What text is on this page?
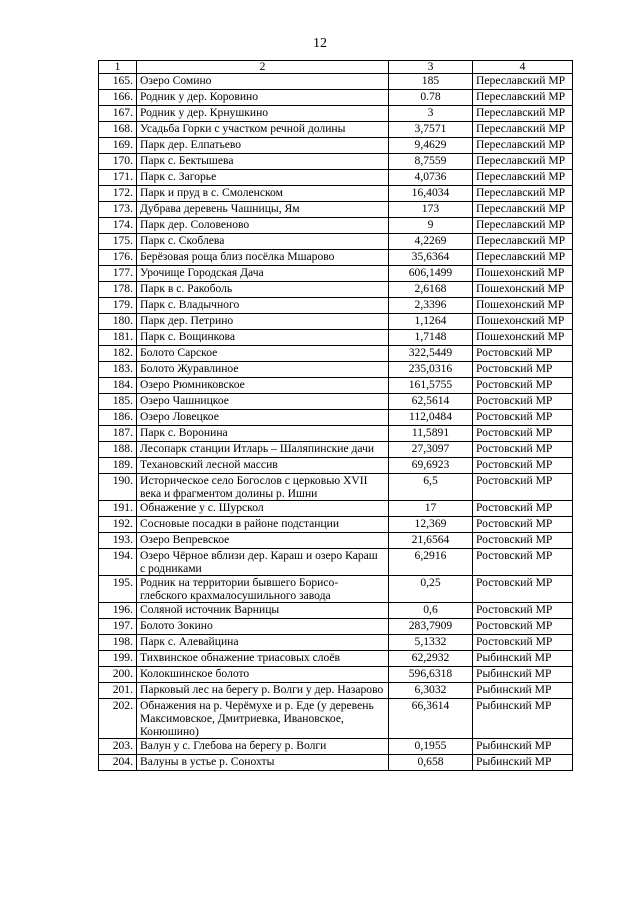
12
1	2	3	4
165.	Озеро Сомино	185	Переславский МР
166.	Родник у дер. Коровино	0.78	Переславский МР
167.	Родник у дер. Крнушкино	3	Переславский МР
168.	Усадьба Горки с участком речной долины	3,7571	Переславский МР
169.	Парк дер. Елпатьево	9,4629	Переславский МР
170.	Парк с. Бектышева	8,7559	Переславский МР
171.	Парк с. Загорье	4,0736	Переславский МР
172.	Парк и пруд в с. Смоленском	16,4034	Переславский МР
173.	Дубрава деревень Чашницы, Ям	173	Переславский МР
174.	Парк дер. Соловеново	9	Переславский МР
175.	Парк с. Скоблева	4,2269	Переславский МР
176.	Берёзовая роща близ посёлка Мшарово	35,6364	Переславский МР
177.	Урочище Городская Дача	606,1499	Пошехонский МР
178.	Парк в с. Ракоболь	2,6168	Пошехонский МР
179.	Парк с. Владычного	2,3396	Пошехонский МР
180.	Парк дер. Петрино	1,1264	Пошехонский МР
181.	Парк с. Вощинкова	1,7148	Пошехонский МР
182.	Болото Сарское	322,5449	Ростовский МР
183.	Болото Журавлиное	235,0316	Ростовский МР
184.	Озеро Рюмниковское	161,5755	Ростовский МР
185.	Озеро Чашницкое	62,5614	Ростовский МР
186.	Озеро Ловецкое	112,0484	Ростовский МР
187.	Парк с. Воронина	11,5891	Ростовский МР
188.	Лесопарк станции Итларь – Шаляпинские дачи	27,3097	Ростовский МР
189.	Техановский лесной массив	69,6923	Ростовский МР
190.	Историческое село Богослов с церковью XVII века и фрагментом долины р. Ишни	6,5	Ростовский МР
191.	Обнажение у с. Шурскол	17	Ростовский МР
192.	Сосновые посадки в районе подстанции	12,369	Ростовский МР
193.	Озеро Вепревское	21,6564	Ростовский МР
194.	Озеро Чёрное вблизи дер. Караш и озеро Караш с родниками	6,2916	Ростовский МР
195.	Родник на территории бывшего Борисо-глебского крахмалосушильного завода	0,25	Ростовский МР
196.	Соляной источник Варницы	0,6	Ростовский МР
197.	Болото Зокино	283,7909	Ростовский МР
198.	Парк с. Алевайцина	5,1332	Ростовский МР
199.	Тихвинское обнажение триасовых слоёв	62,2932	Рыбинский МР
200.	Колокшинское болото	596,6318	Рыбинский МР
201.	Парковый лес на берегу р. Волги у дер. Назарово	6,3032	Рыбинский МР
202.	Обнажения на р. Черёмухе и р. Еде (у деревень Максимовское, Дмитриевка, Ивановское, Конюшино)	66,3614	Рыбинский МР
203.	Валун у с. Глебова на берегу р. Волги	0,1955	Рыбинский МР
204.	Валуны в устье р. Сонохты	0,658	Рыбинский МР
